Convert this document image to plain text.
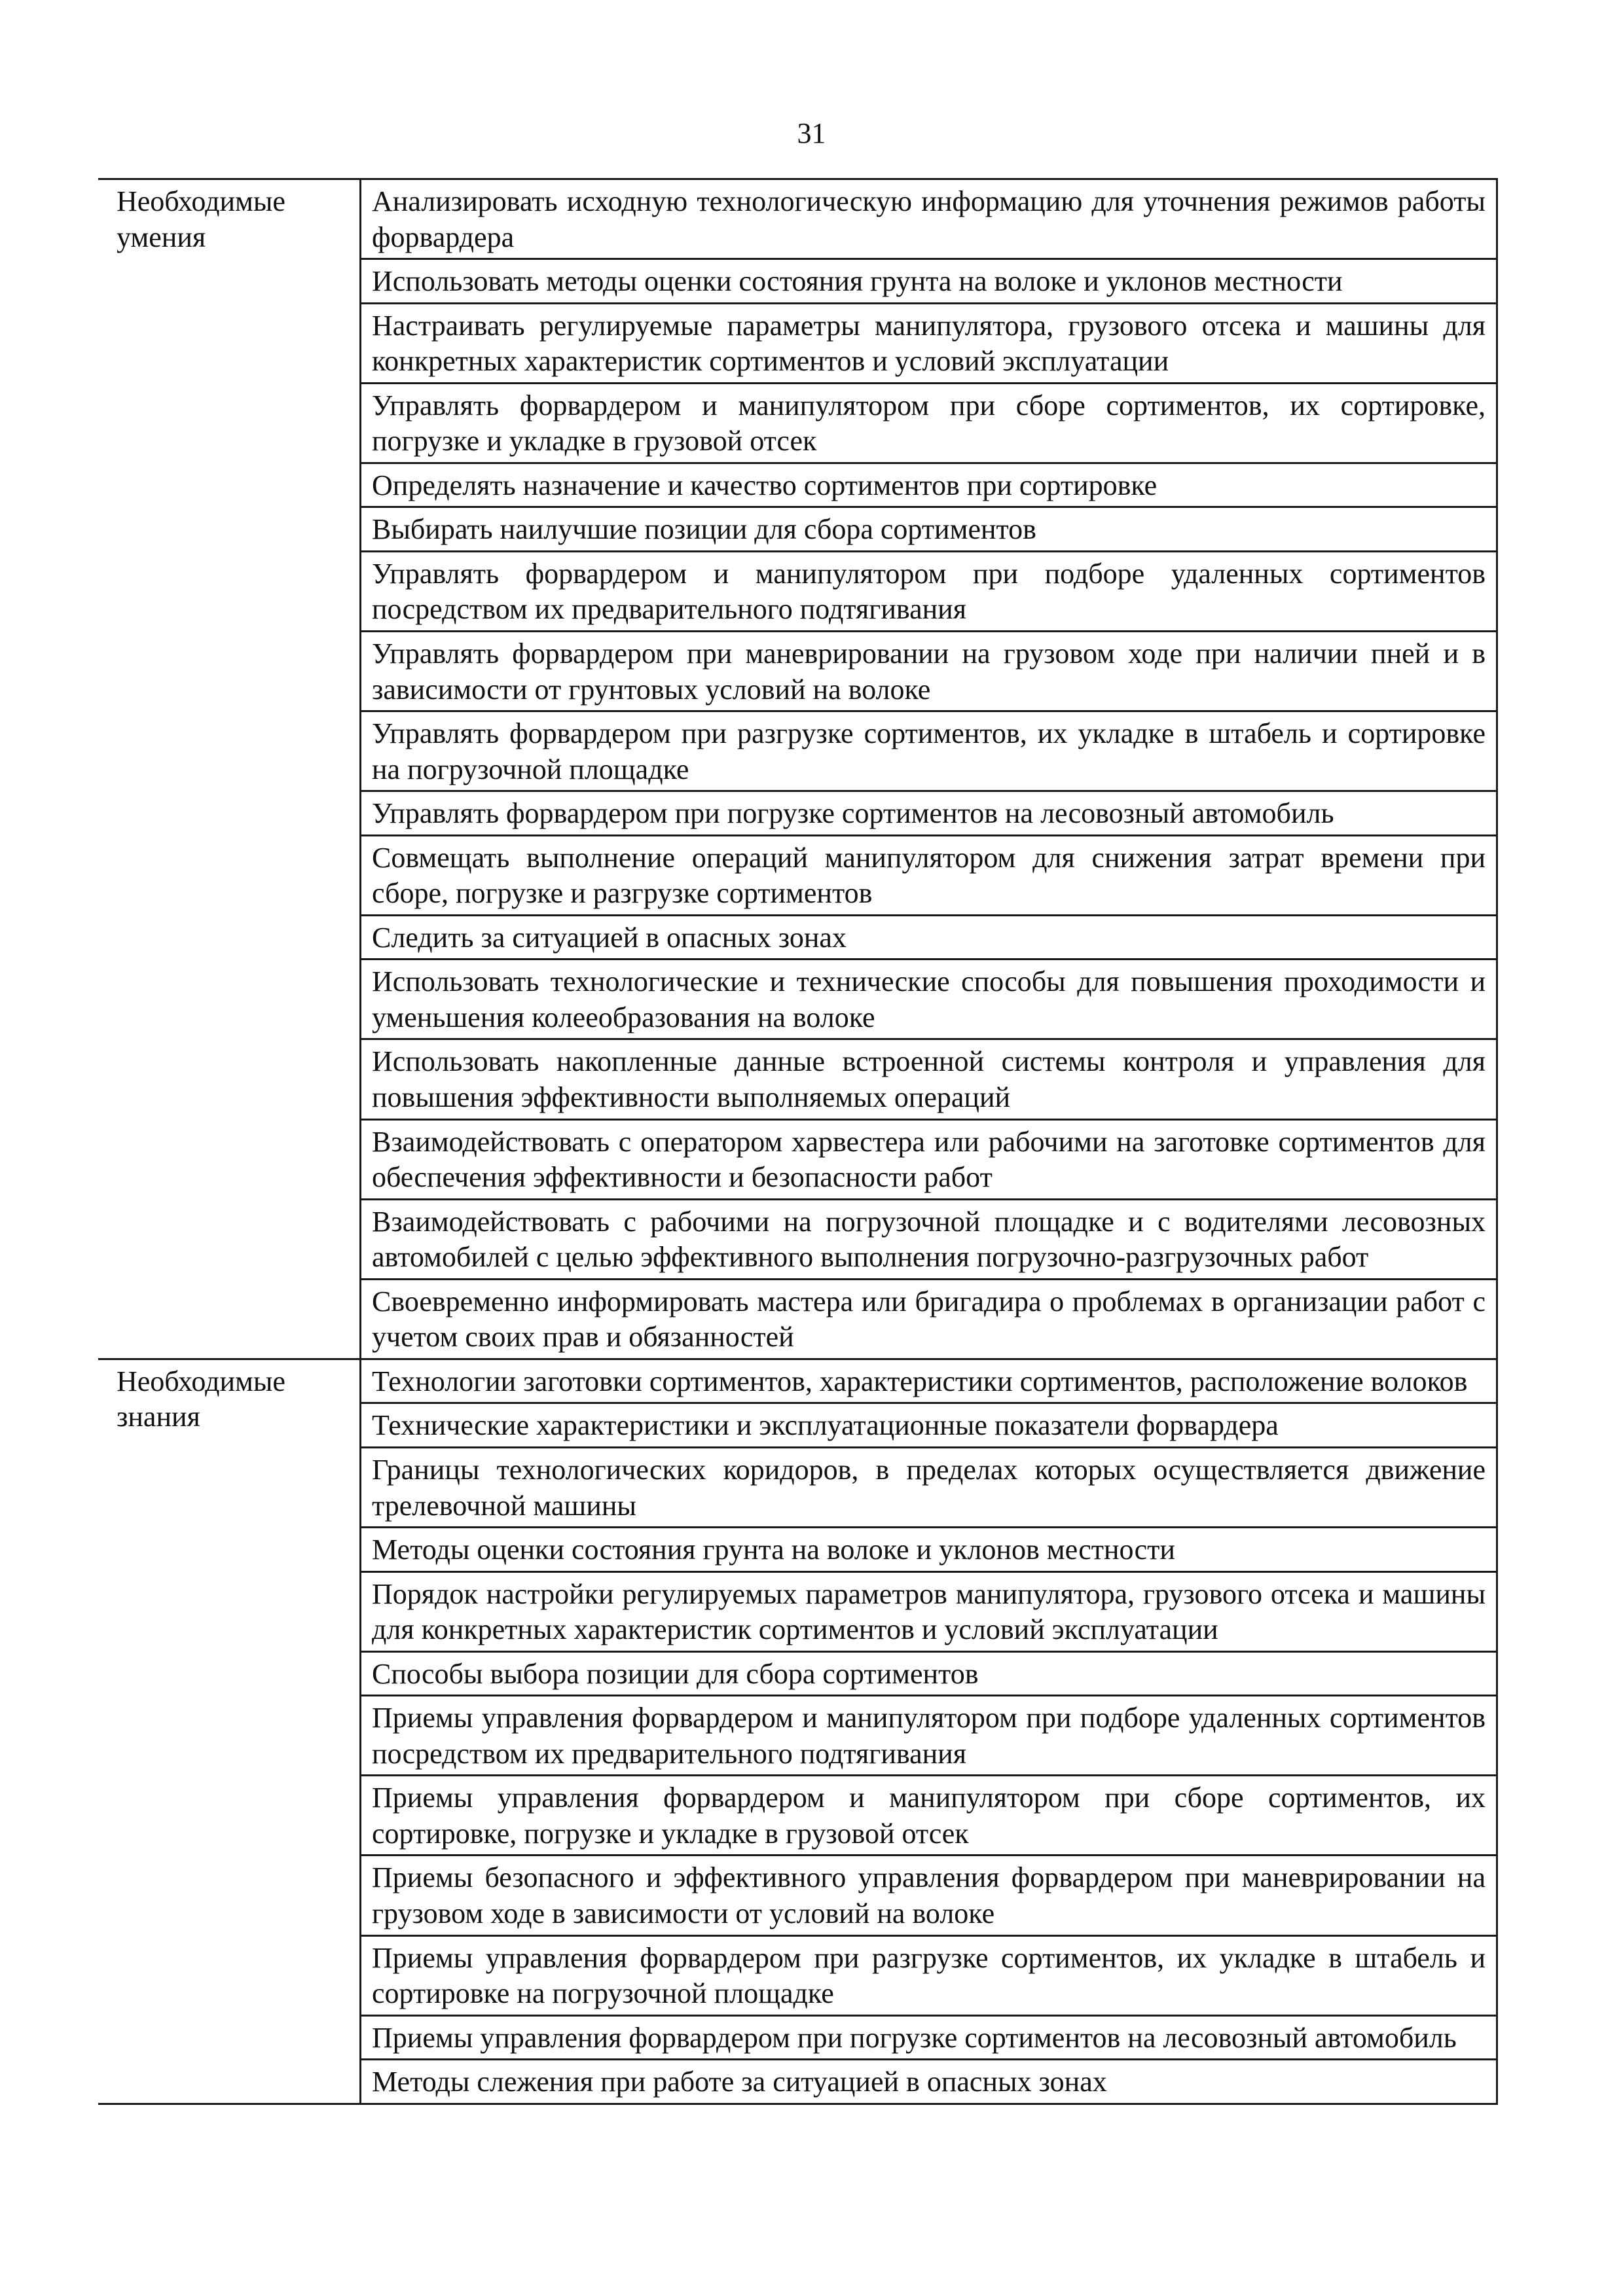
31
Необходимые умения	Анализировать исходную технологическую информацию для уточнения режимов работы форвардера
	Использовать методы оценки состояния грунта на волоке и уклонов местности
	Настраивать регулируемые параметры манипулятора, грузового отсека и машины для конкретных характеристик сортиментов и условий эксплуатации
	Управлять форвардером и манипулятором при сборе сортиментов, их сортировке, погрузке и укладке в грузовой отсек
	Определять назначение и качество сортиментов при сортировке
	Выбирать наилучшие позиции для сбора сортиментов
	Управлять форвардером и манипулятором при подборе удаленных сортиментов посредством их предварительного подтягивания
	Управлять форвардером при маневрировании на грузовом ходе при наличии пней и в зависимости от грунтовых условий на волоке
	Управлять форвардером при разгрузке сортиментов, их укладке в штабель и сортировке на погрузочной площадке
	Управлять форвардером при погрузке сортиментов на лесовозный автомобиль
	Совмещать выполнение операций манипулятором для снижения затрат времени при сборе, погрузке и разгрузке сортиментов
	Следить за ситуацией в опасных зонах
	Использовать технологические и технические способы для повышения проходимости и уменьшения колееобразования на волоке
	Использовать накопленные данные встроенной системы контроля и управления для повышения эффективности выполняемых операций
	Взаимодействовать с оператором харвестера или рабочими на заготовке сортиментов для обеспечения эффективности и безопасности работ
	Взаимодействовать с рабочими на погрузочной площадке и с водителями лесовозных автомобилей с целью эффективного выполнения погрузочно-разгрузочных работ
	Своевременно информировать мастера или бригадира о проблемах в организации работ с учетом своих прав и обязанностей
Необходимые знания	Технологии заготовки сортиментов, характеристики сортиментов, расположение волоков
	Технические характеристики и эксплуатационные показатели форвардера
	Границы технологических коридоров, в пределах которых осуществляется движение трелевочной машины
	Методы оценки состояния грунта на волоке и уклонов местности
	Порядок настройки регулируемых параметров манипулятора, грузового отсека и машины для конкретных характеристик сортиментов и условий эксплуатации
	Способы выбора позиции для сбора сортиментов
	Приемы управления форвардером и манипулятором при подборе удаленных сортиментов посредством их предварительного подтягивания
	Приемы управления форвардером и манипулятором при сборе сортиментов, их сортировке, погрузке и укладке в грузовой отсек
	Приемы безопасного и эффективного управления форвардером при маневрировании на грузовом ходе в зависимости от условий на волоке
	Приемы управления форвардером при разгрузке сортиментов, их укладке в штабель и сортировке на погрузочной площадке
	Приемы управления форвардером при погрузке сортиментов на лесовозный автомобиль
	Методы слежения при работе за ситуацией в опасных зонах
